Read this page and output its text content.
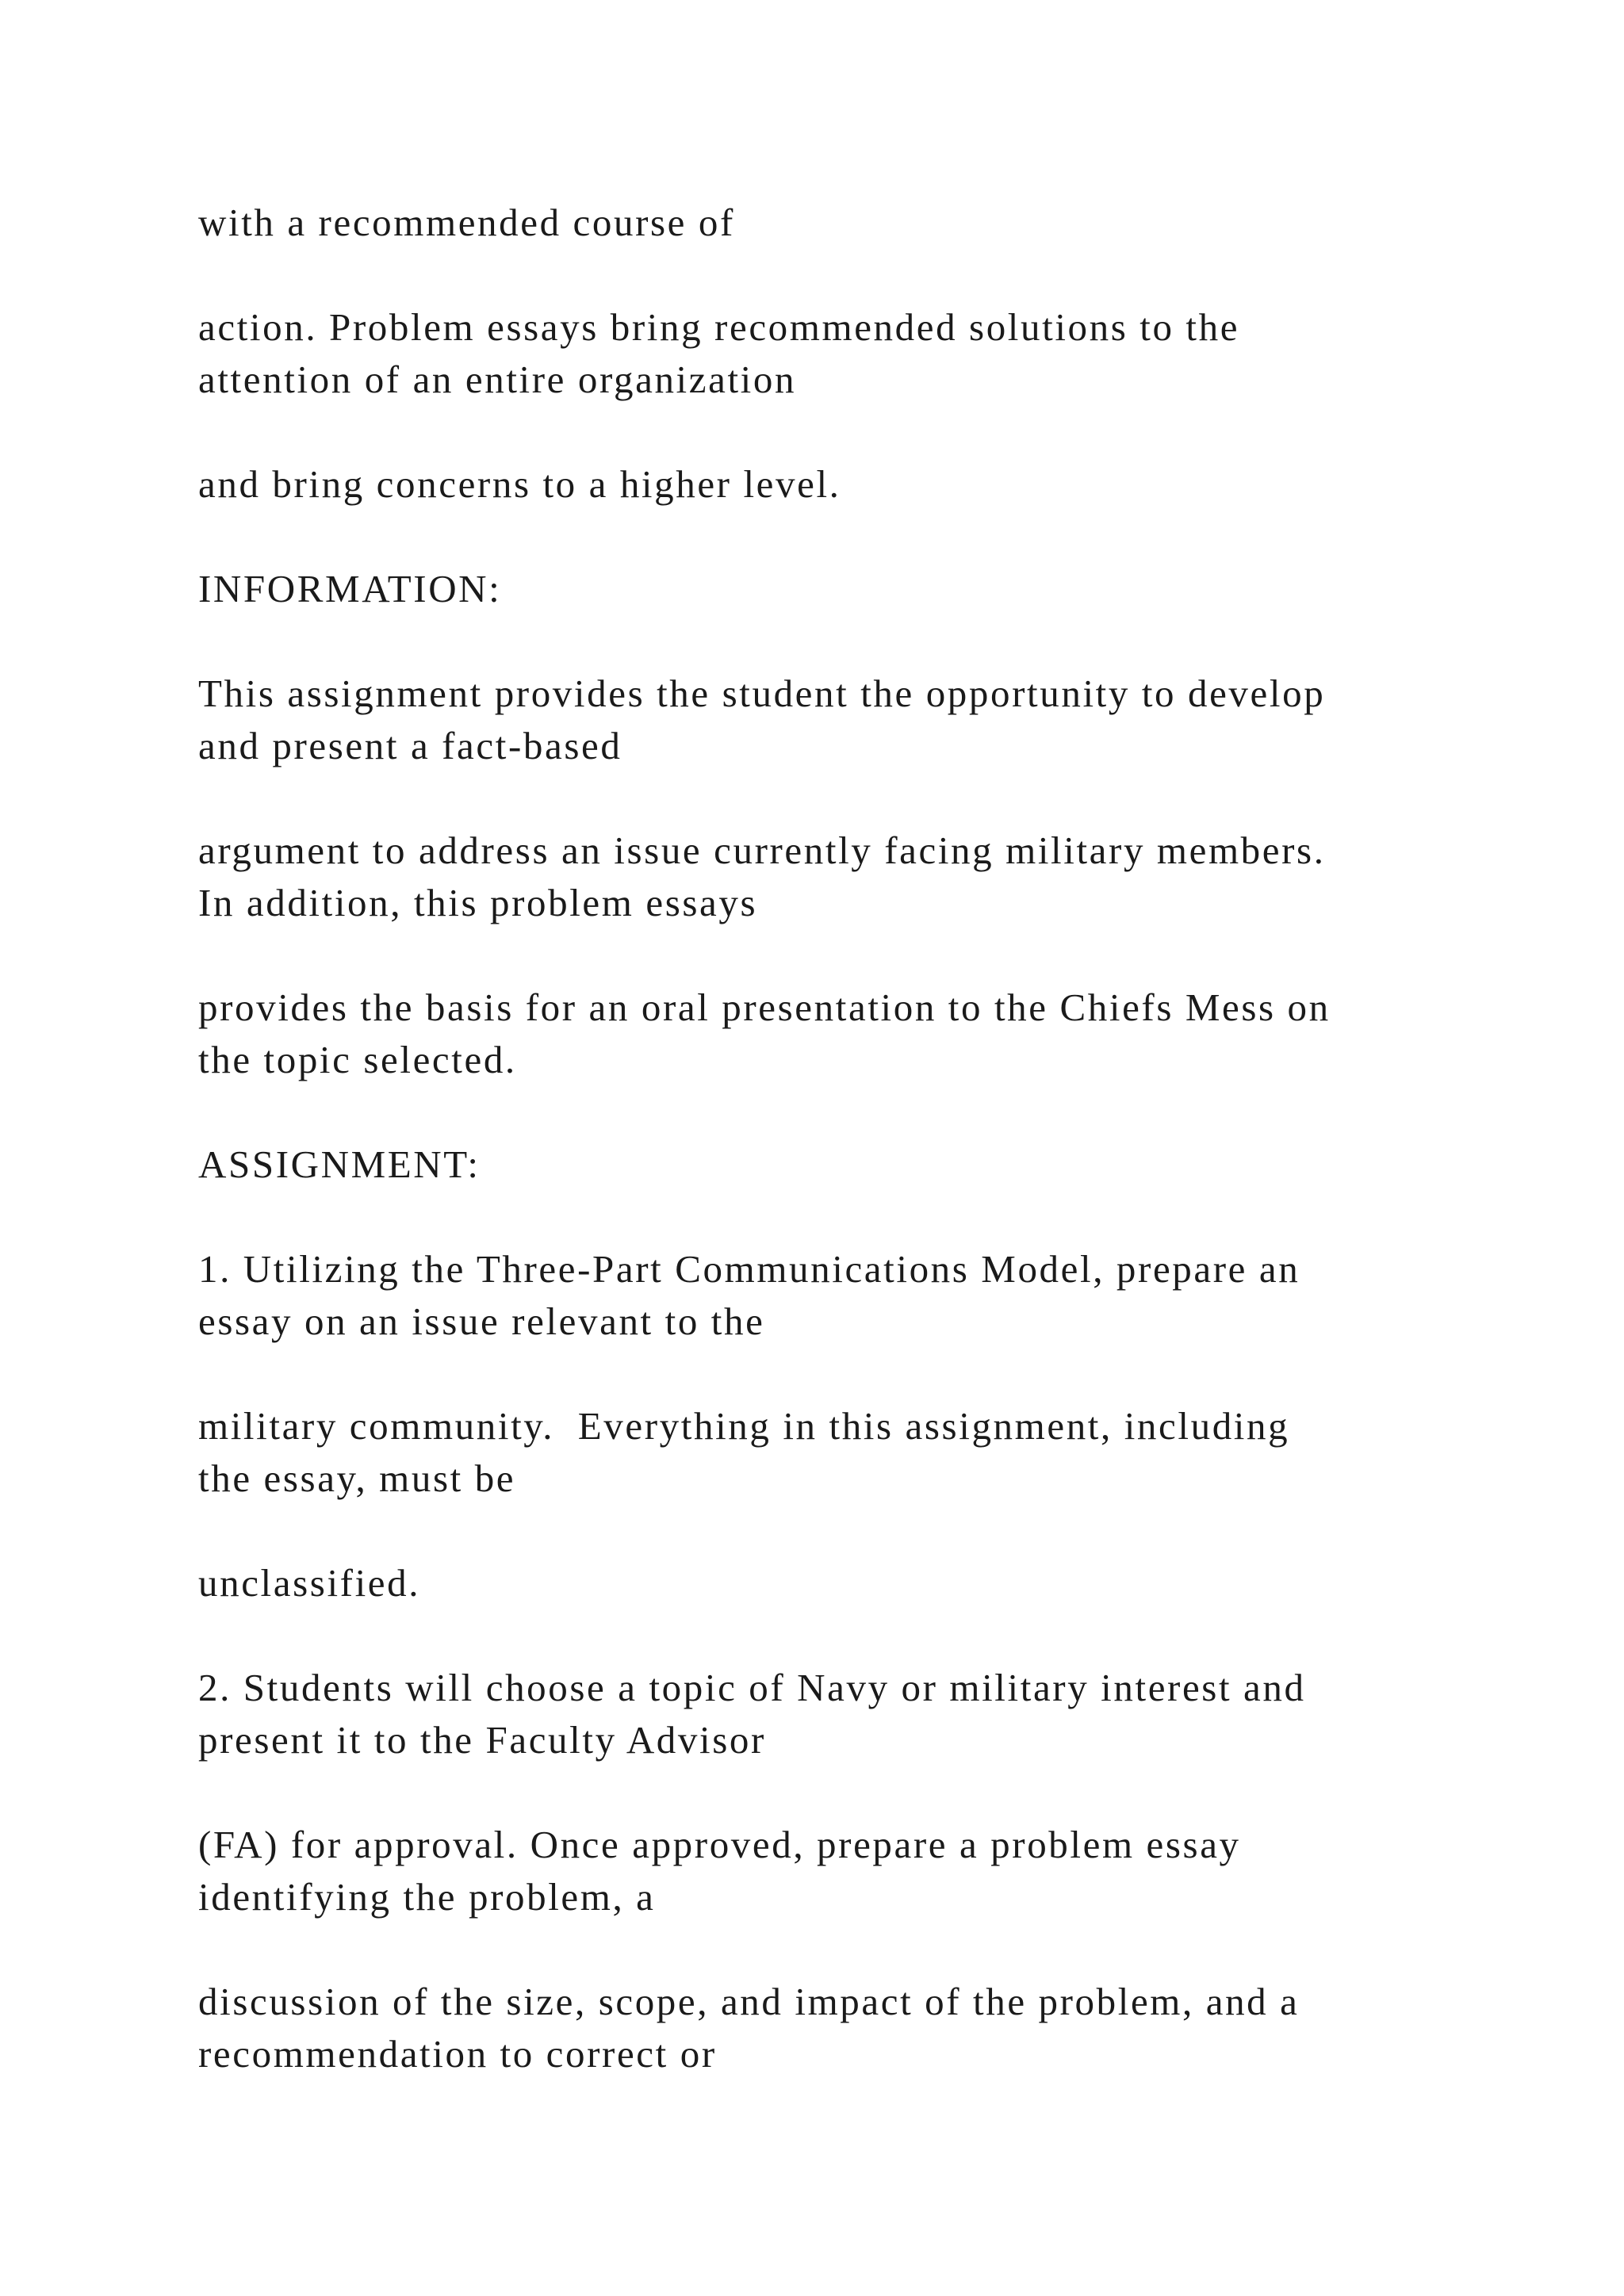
with a recommended course of

action. Problem essays bring recommended solutions to the
attention of an entire organization

and bring concerns to a higher level.

INFORMATION:

This assignment provides the student the opportunity to develop
and present a fact-based

argument to address an issue currently facing military members.
In addition, this problem essays

provides the basis for an oral presentation to the Chiefs Mess on
the topic selected.

ASSIGNMENT:

1. Utilizing the Three-Part Communications Model, prepare an
essay on an issue relevant to the

military community.  Everything in this assignment, including
the essay, must be

unclassified.

2. Students will choose a topic of Navy or military interest and
present it to the Faculty Advisor

(FA) for approval. Once approved, prepare a problem essay
identifying the problem, a

discussion of the size, scope, and impact of the problem, and a
recommendation to correct or
